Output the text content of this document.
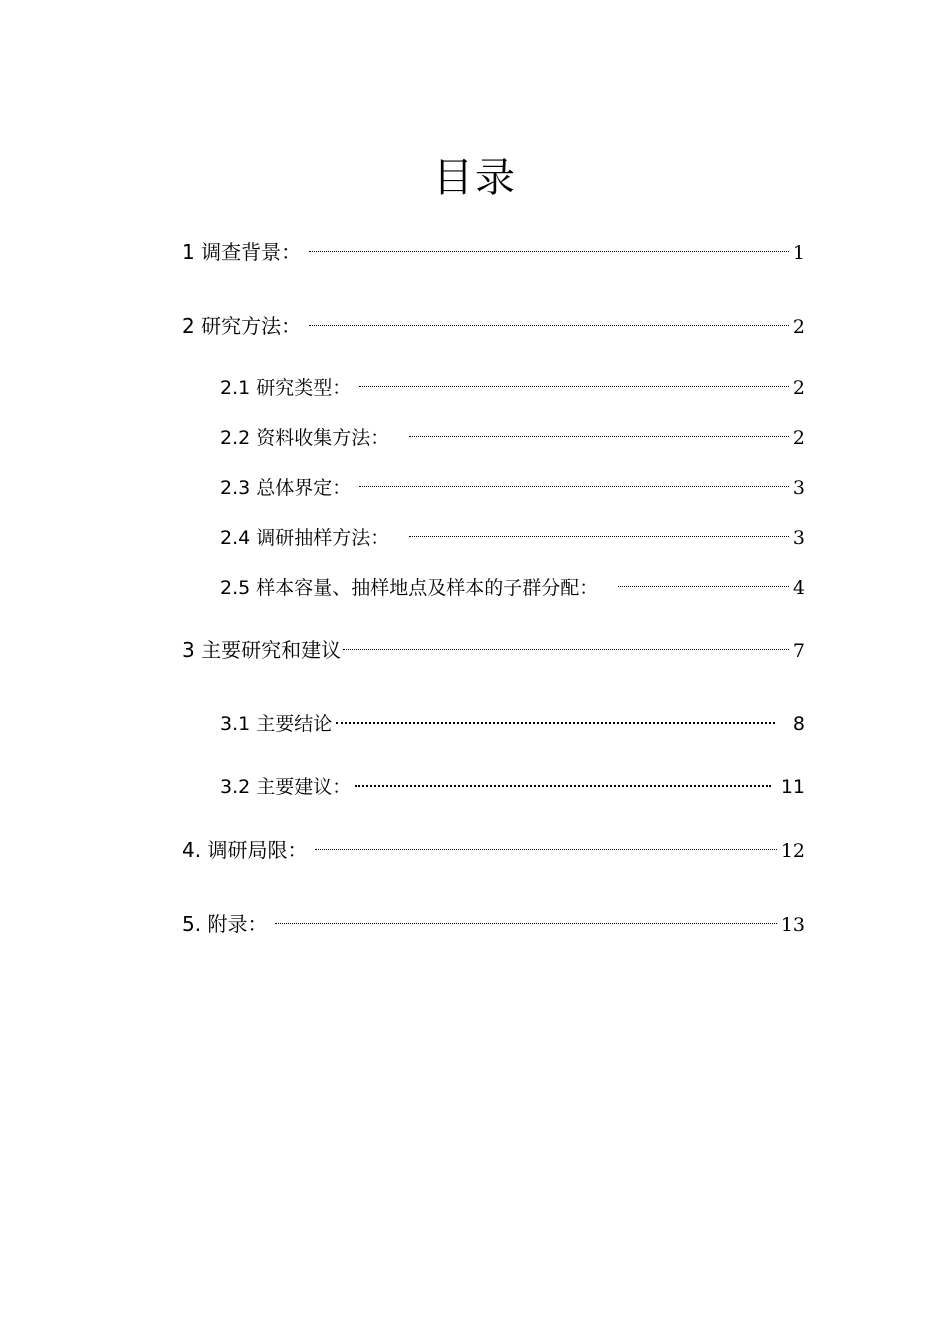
目录
1 调查背景：	1
2 研究方法：	2
2.1 研究类型：	2
2.2 资料收集方法：	2
2.3 总体界定：	3
2.4 调研抽样方法：	3
2.5 样本容量、抽样地点及样本的子群分配：	4
3 主要研究和建议	7
3.1 主要结论	8
3.2 主要建议：	11
4. 调研局限：	12
5. 附录：	13
